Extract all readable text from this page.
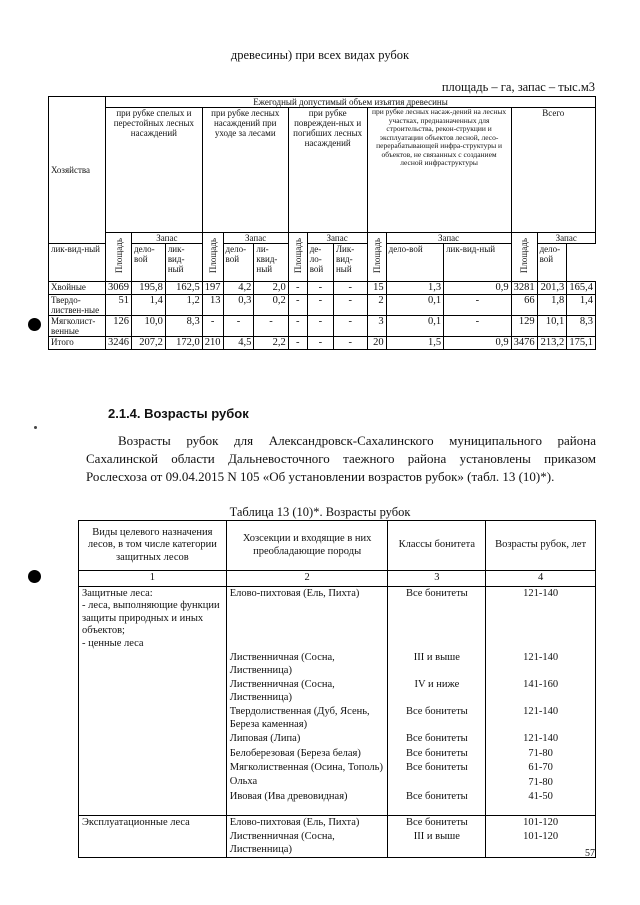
древесины) при всех видах рубок
площадь – га, запас – тыс.м3
Хозяйства	Ежегодный допустимый объем изъятия древесины														
	при рубке спелых и перестойных лесных насаждений			при рубке лесных насаждений при уходе за лесами			при рубке поврежден-ных и погибших лесных насаждений			при рубке лесных насаж-дений на лесных участках, предназначенных для строительства, рекон-струкции и эксплуатации объектов лесной, лесо-перерабатывающей инфра-структуры и объектов, не связанных с созданием лесной инфраструктуры			Всего		
	Площадь	Запас		Площадь	Запас		Площадь	Запас		Площадь	Запас		Площадь	Запас	
лик-вид-ный		дело-вой	лик-вид-ный		дело-вой	ли-квид-ный		де-ло-вой	Лик-вид-ный		дело-вой	лик-вид-ный		дело-вой	
Хвойные	3069	195,8	162,5	197	4,2	2,0	-	-	-	15	1,3	0,9	3281	201,3	165,4
Твердо-листвен-ные	51	1,4	1,2	13	0,3	0,2	-	-	-	2	0,1	-	66	1,8	1,4
Мягколист-венные	126	10,0	8,3	-	-	-	-	-	-	3	0,1	-	129	10,1	8,3
Итого	3246	207,2	172,0	210	4,5	2,2	-	-	-	20	1,5	0,9	3476	213,2	175,1
2.1.4. Возрасты рубок
Возрасты рубок для Александровск-Сахалинского муниципального района Сахалинской области Дальневосточного таежного района установлены приказом Рослесхоза от 09.04.2015 N 105 «Об установлении возрастов рубок» (табл. 13 (10)*).
Таблица 13 (10)*. Возрасты рубок
Виды целевого назначения лесов, в том числе категории защитных лесов	Хозсекции и входящие в них преобладающие породы	Классы бонитета	Возрасты рубок, лет
1	2	3	4
Защитные леса:
- леса, выполняющие функции защиты природных и иных объектов;
- ценные леса	Елово-пихтовая (Ель, Пихта)	Все бонитеты	121-140
	Лиственничная (Сосна, Лиственница)	III и выше	121-140
	Лиственничная (Сосна, Лиственница)	IV и ниже	141-160
	Твердолиственная (Дуб, Ясень, Береза каменная)	Все бонитеты	121-140
	Липовая (Липа)	Все бонитеты	121-140
	Белоберезовая (Береза белая)	Все бонитеты	71-80
	Мягколиственная (Осина, Тополь)	Все бонитеты	61-70
	Ольха		71-80
	Ивовая (Ива древовидная)	Все бонитеты	41-50

Эксплуатационные леса	Елово-пихтовая (Ель, Пихта)	Все бонитеты	101-120
	Лиственничная (Сосна, Лиственница)	III и выше	101-120
57
